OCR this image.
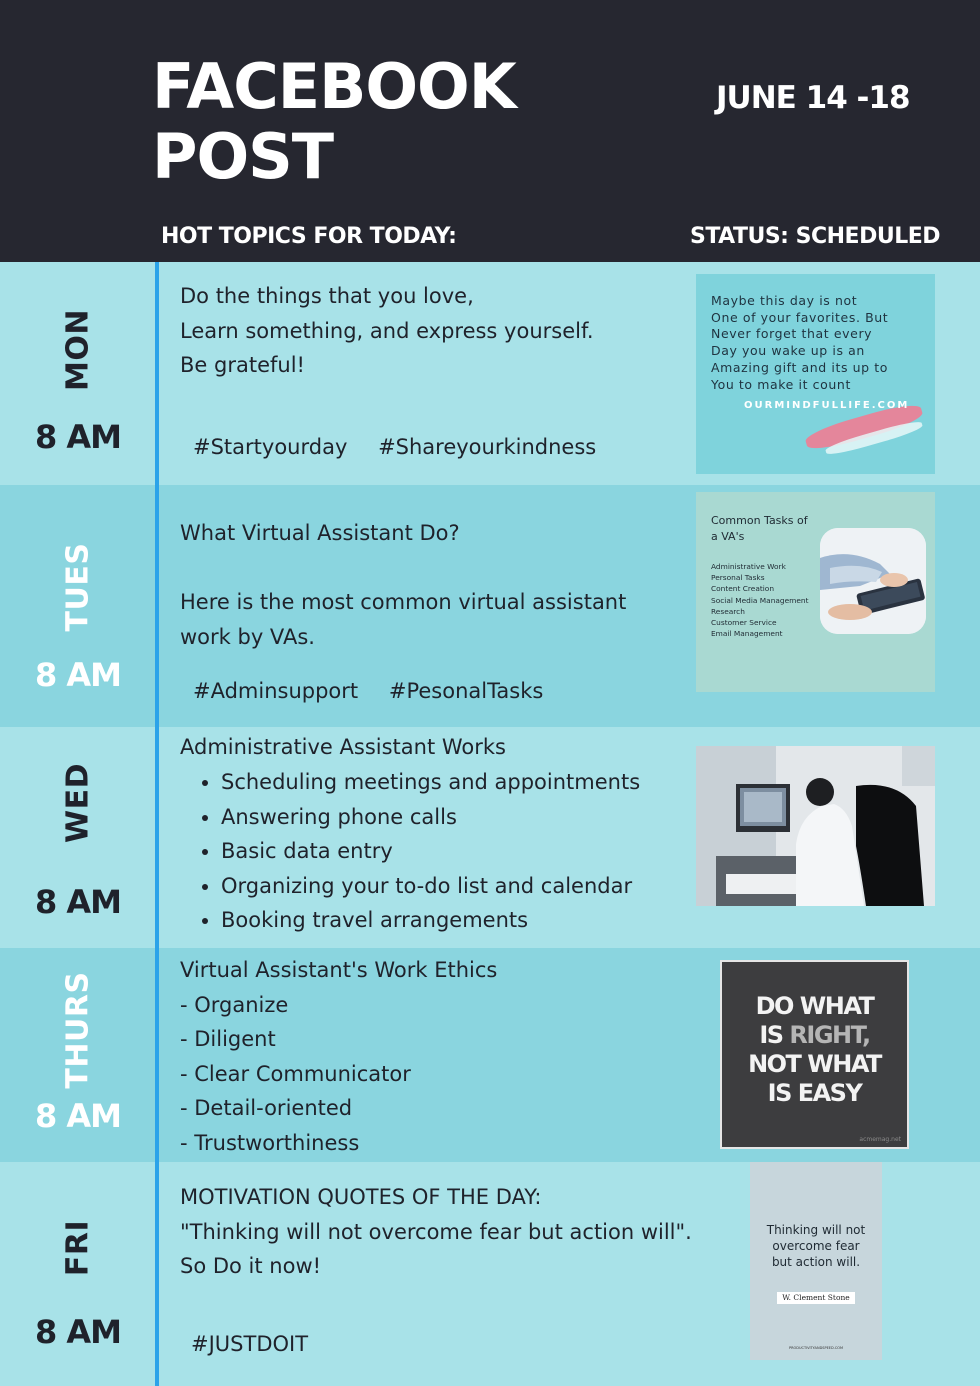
FACEBOOK
POST
JUNE 14 -18
HOT TOPICS FOR TODAY:	STATUS: SCHEDULED
MON
8 AM
Do the things that you love,
Learn something, and express yourself.
Be grateful!
#Startyourday #Shareyourkindness
TUES
8 AM
What Virtual Assistant Do?

Here is the most common virtual assistant
work by VAs.
#Adminsupport #PesonalTasks
WED
8 AM
Administrative Assistant Works
• Scheduling meetings and appointments
• Answering phone calls
• Basic data entry
• Organizing your to-do list and calendar
• Booking travel arrangements
THURS
8 AM
Virtual Assistant's Work Ethics
- Organize
- Diligent
- Clear Communicator
- Detail-oriented
- Trustworthiness
FRI
8 AM
MOTIVATION QUOTES OF THE DAY:
"Thinking will not overcome fear but action will".
So Do it now!
#JUSTDOIT
Maybe this day is not
One of your favorites. But
Never forget that every
Day you wake up is an
Amazing gift and its up to
You to make it count
OURMINDFULLIFE.COM
Common Tasks of
a VA's
Administrative Work
Personal Tasks
Content Creation
Social Media Management
Research
Customer Service
Email Management
DO WHAT
IS RIGHT,
NOT WHAT
IS EASY
acmemag.net
Thinking will not
overcome fear
but action will.
W. Clement Stone
PRODUCTIVITYANDSPEED.COM
